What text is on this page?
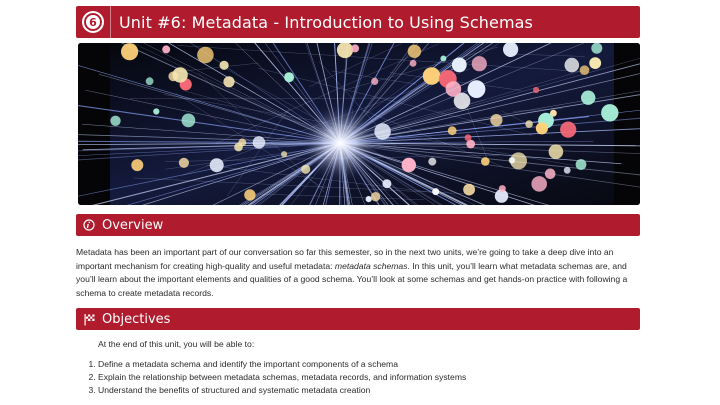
6 Unit #6: Metadata - Introduction to Using Schemas
Overview
Metadata has been an important part of our conversation so far this semester, so in the next two units, we’re going to take a deep dive into an important mechanism for creating high-quality and useful metadata: metadata schemas. In this unit, you’ll learn what metadata schemas are, and you’ll learn about the important elements and qualities of a good schema. You’ll look at some schemas and get hands-on practice with following a schema to create metadata records.
Objectives
At the end of this unit, you will be able to:
1. Define a metadata schema and identify the important components of a schema
2. Explain the relationship between metadata schemas, metadata records, and information systems
3. Understand the benefits of structured and systematic metadata creation
